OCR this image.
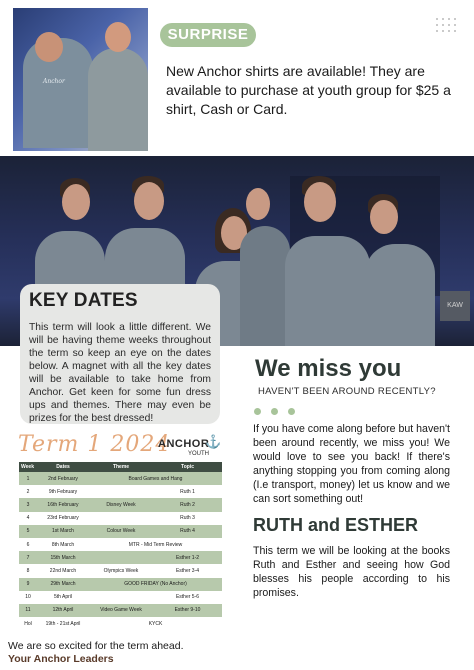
Anchor
SURPRISE
New Anchor shirts are available! They are available to purchase at youth group for $25 a shirt, Cash or Card.
KAW
KEY DATES

This term will look a little different. We will be having theme weeks throughout the term so keep an eye on the dates below. A magnet with all the key dates will be available to take home from Anchor. Get keen for some fun dress ups and themes. There may even be prizes for the best dressed!

Term 1 2024
ANCHOR
⚓
YOUTH
Week	Dates	Theme	Topic
1	2nd February	Board Games and Hang	
2	9th February		Ruth 1
3	16th February	Disney Week	Ruth 2
4	23rd February		Ruth 3
5	1st March	Colour Week	Ruth 4
6	8th March	MTR - Mid Term Review	
7	15th March		Esther 1-2
8	22nd March	Olympics Week	Esther 3-4
9	29th March	GOOD FRIDAY (No Anchor)	
10	5th April		Esther 5-6
11	12th April	Video Game Week	Esther 9-10
Hol	19th - 21st April	KYCK	
We are so excited for the term ahead.
Your Anchor Leaders
We miss you
HAVEN'T BEEN AROUND RECENTLY?
If you have come along before but haven't been around recently, we miss you! We would love to see you back! If there's anything stopping you from coming along (I.e transport, money) let us know and we can sort something out!
RUTH and ESTHER
This term we will be looking at the books Ruth and Esther and seeing how God blesses his people according to his promises.
